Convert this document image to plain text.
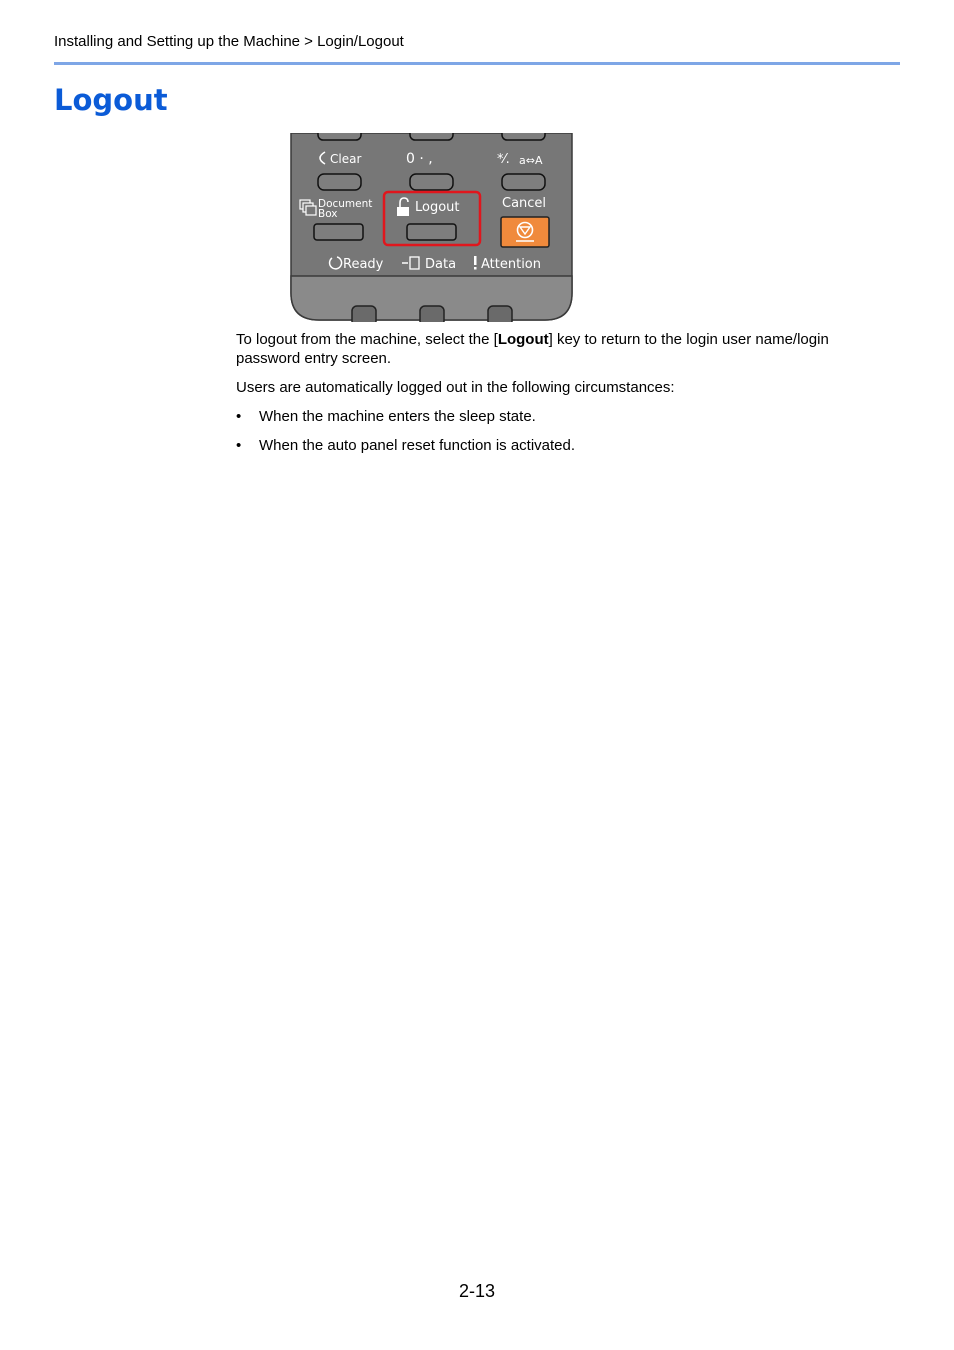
Installing and Setting up the Machine > Login/Logout
Logout
Clear	0 · ,	*⁄. a⇔A
Document
Box	Logout	Cancel
Ready	Data Attention

To logout from the machine, select the [Logout] key to return to the login user name/login password entry screen.

Users are automatically logged out in the following circumstances:

• When the machine enters the sleep state.
• When the auto panel reset function is activated.
2-13
